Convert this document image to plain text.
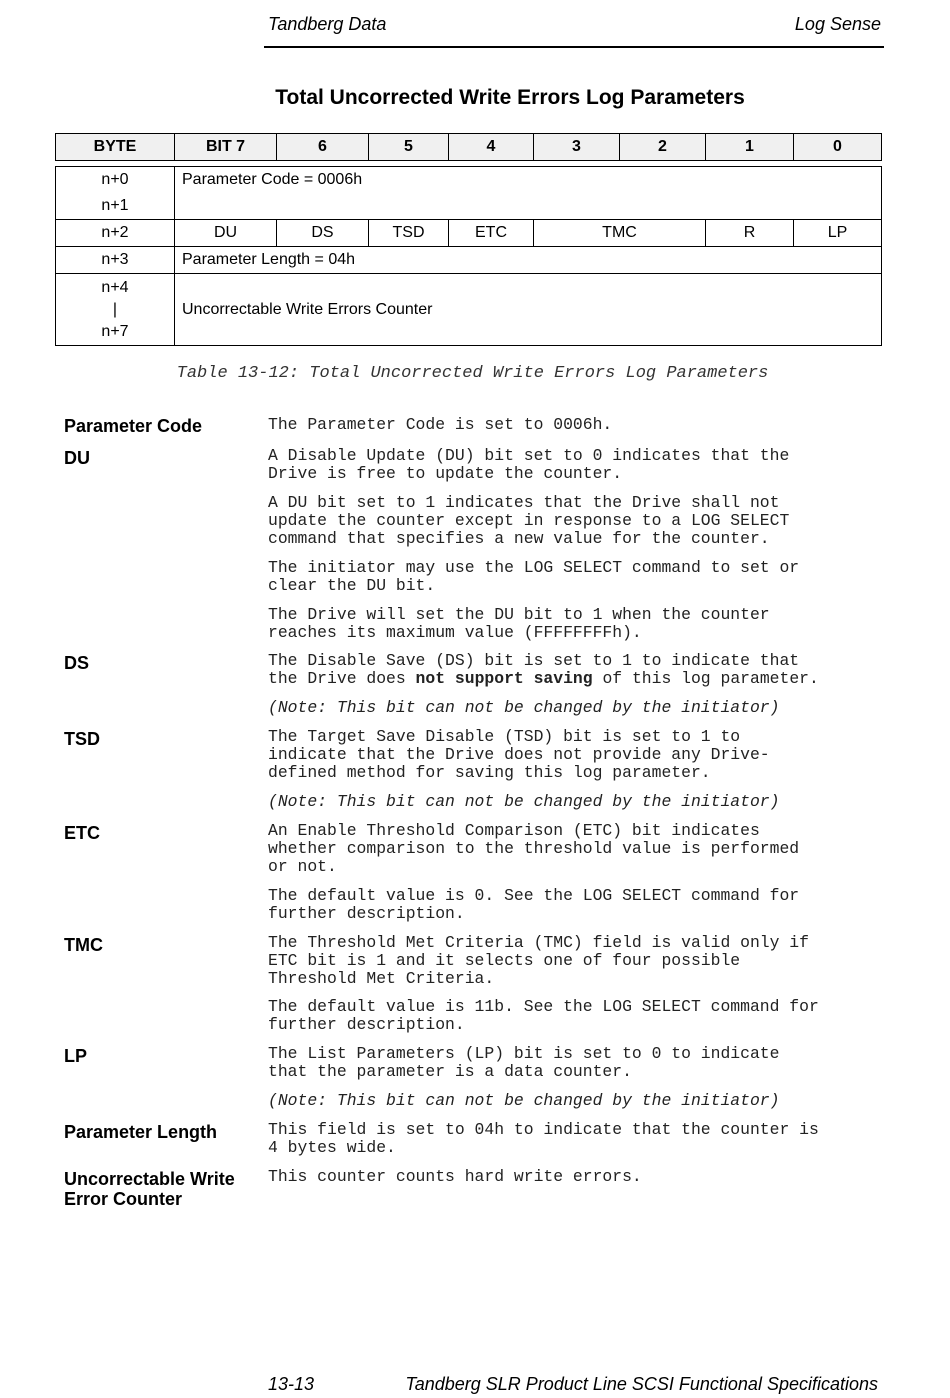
Tandberg Data	Log Sense
Total Uncorrected Write Errors Log Parameters
BYTE	BIT 7	6	5	4	3	2	1	0
n+0
n+1	Parameter Code = 0006h						
n+2	DU	DS	TSD	ETC	TMC	R	LP
n+3	Parameter Length = 04h						

n+4
|
n+7	Uncorrectable Write Errors Counter						
Table 13-12: Total Uncorrected Write Errors Log Parameters
Parameter Code	The Parameter Code is set to 0006h.
DU	A Disable Update (DU) bit set to 0 indicates that the
Drive is free to update the counter.
A DU bit set to 1 indicates that the Drive shall not
update the counter except in response to a LOG SELECT
command that specifies a new value for the counter.
The initiator may use the LOG SELECT command to set or
clear the DU bit.
The Drive will set the DU bit to 1 when the counter
reaches its maximum value (FFFFFFFFh).
DS	The Disable Save (DS) bit is set to 1 to indicate that
the Drive does not support saving of this log parameter.
(Note: This bit can not be changed by the initiator)
TSD	The Target Save Disable (TSD) bit is set to 1 to
indicate that the Drive does not provide any Drive-
defined method for saving this log parameter.
(Note: This bit can not be changed by the initiator)
ETC	An Enable Threshold Comparison (ETC) bit indicates
whether comparison to the threshold value is performed
or not.
The default value is 0. See the LOG SELECT command for
further description.
TMC	The Threshold Met Criteria (TMC) field is valid only if
ETC bit is 1 and it selects one of four possible
Threshold Met Criteria.
The default value is 11b. See the LOG SELECT command for
further description.
LP	The List Parameters (LP) bit is set to 0 to indicate
that the parameter is a data counter.
(Note: This bit can not be changed by the initiator)
Parameter Length	This field is set to 04h to indicate that the counter is
4 bytes wide.
Uncorrectable Write
Error Counter
This counter counts hard write errors.
13-13	Tandberg SLR Product Line SCSI Functional Specifications
